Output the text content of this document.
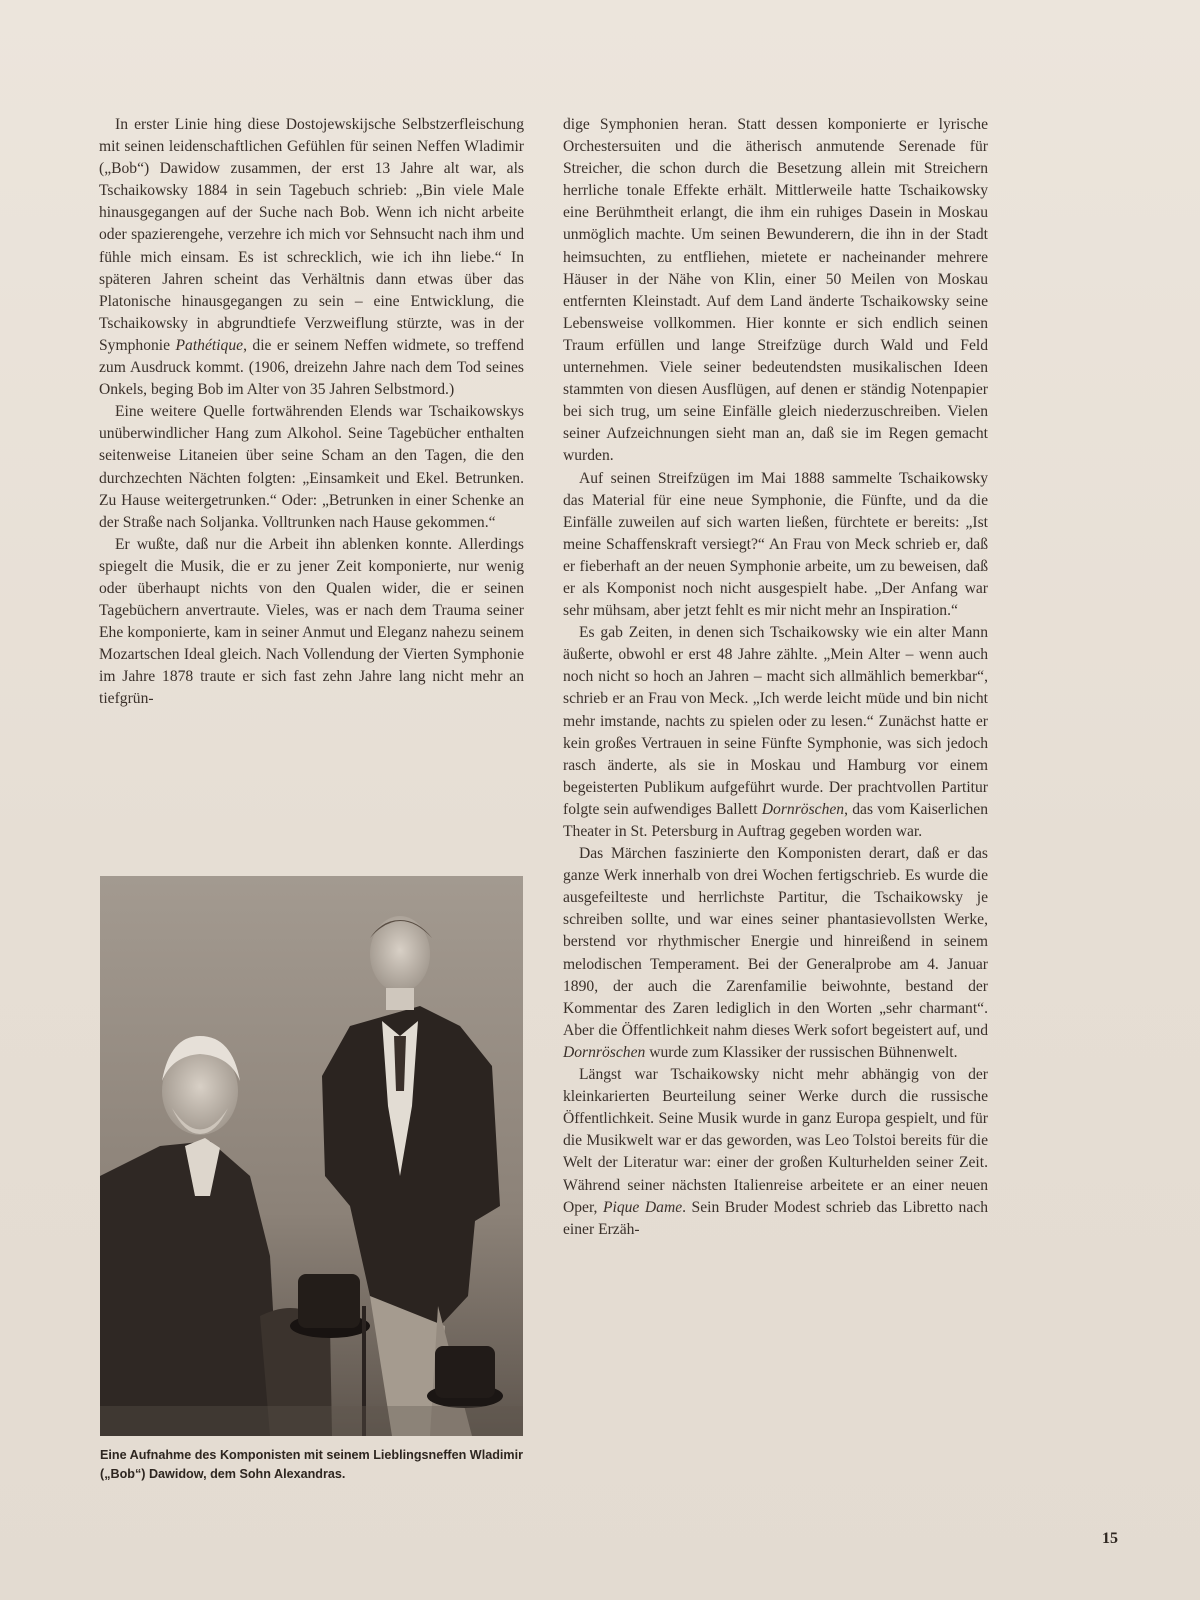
In erster Linie hing diese Dostojewskijsche Selbstzerfleischung mit seinen leidenschaftlichen Gefühlen für seinen Neffen Wladimir („Bob“) Dawidow zusammen, der erst 13 Jahre alt war, als Tschaikowsky 1884 in sein Tagebuch schrieb: „Bin viele Male hinausgegangen auf der Suche nach Bob. Wenn ich nicht arbeite oder spazierengehe, verzehre ich mich vor Sehnsucht nach ihm und fühle mich einsam. Es ist schrecklich, wie ich ihn liebe.“ In späteren Jahren scheint das Verhältnis dann etwas über das Platonische hinausgegangen zu sein – eine Entwicklung, die Tschaikowsky in abgrundtiefe Verzweiflung stürzte, was in der Symphonie Pathétique, die er seinem Neffen widmete, so treffend zum Ausdruck kommt. (1906, dreizehn Jahre nach dem Tod seines Onkels, beging Bob im Alter von 35 Jahren Selbstmord.)

Eine weitere Quelle fortwährenden Elends war Tschaikowskys unüberwindlicher Hang zum Alkohol. Seine Tagebücher enthalten seitenweise Litaneien über seine Scham an den Tagen, die den durchzechten Nächten folgten: „Einsamkeit und Ekel. Betrunken. Zu Hause weitergetrunken.“ Oder: „Betrunken in einer Schenke an der Straße nach Soljanka. Volltrunken nach Hause gekommen.“

Er wußte, daß nur die Arbeit ihn ablenken konnte. Allerdings spiegelt die Musik, die er zu jener Zeit komponierte, nur wenig oder überhaupt nichts von den Qualen wider, die er seinen Tagebüchern anvertraute. Vieles, was er nach dem Trauma seiner Ehe komponierte, kam in seiner Anmut und Eleganz nahezu seinem Mozartschen Ideal gleich. Nach Vollendung der Vierten Symphonie im Jahre 1878 traute er sich fast zehn Jahre lang nicht mehr an tiefgrün-

dige Symphonien heran. Statt dessen komponierte er lyrische Orchestersuiten und die ätherisch anmutende Serenade für Streicher, die schon durch die Besetzung allein mit Streichern herrliche tonale Effekte erhält. Mittlerweile hatte Tschaikowsky eine Berühmtheit erlangt, die ihm ein ruhiges Dasein in Moskau unmöglich machte. Um seinen Bewunderern, die ihn in der Stadt heimsuchten, zu entfliehen, mietete er nacheinander mehrere Häuser in der Nähe von Klin, einer 50 Meilen von Moskau entfernten Kleinstadt. Auf dem Land änderte Tschaikowsky seine Lebensweise vollkommen. Hier konnte er sich endlich seinen Traum erfüllen und lange Streifzüge durch Wald und Feld unternehmen. Viele seiner bedeutendsten musikalischen Ideen stammten von diesen Ausflügen, auf denen er ständig Notenpapier bei sich trug, um seine Einfälle gleich niederzuschreiben. Vielen seiner Aufzeichnungen sieht man an, daß sie im Regen gemacht wurden.

Auf seinen Streifzügen im Mai 1888 sammelte Tschaikowsky das Material für eine neue Symphonie, die Fünfte, und da die Einfälle zuweilen auf sich warten ließen, fürchtete er bereits: „Ist meine Schaffenskraft versiegt?“ An Frau von Meck schrieb er, daß er fieberhaft an der neuen Symphonie arbeite, um zu beweisen, daß er als Komponist noch nicht ausgespielt habe. „Der Anfang war sehr mühsam, aber jetzt fehlt es mir nicht mehr an Inspiration.“

Es gab Zeiten, in denen sich Tschaikowsky wie ein alter Mann äußerte, obwohl er erst 48 Jahre zählte. „Mein Alter – wenn auch noch nicht so hoch an Jahren – macht sich allmählich bemerkbar“, schrieb er an Frau von Meck. „Ich werde leicht müde und bin nicht mehr imstande, nachts zu spielen oder zu lesen.“ Zunächst hatte er kein großes Vertrauen in seine Fünfte Symphonie, was sich jedoch rasch änderte, als sie in Moskau und Hamburg vor einem begeisterten Publikum aufgeführt wurde. Der prachtvollen Partitur folgte sein aufwendiges Ballett Dornröschen, das vom Kaiserlichen Theater in St. Petersburg in Auftrag gegeben worden war.

Das Märchen faszinierte den Komponisten derart, daß er das ganze Werk innerhalb von drei Wochen fertigschrieb. Es wurde die ausgefeilteste und herrlichste Partitur, die Tschaikowsky je schreiben sollte, und war eines seiner phantasievollsten Werke, berstend vor rhythmischer Energie und hinreißend in seinem melodischen Temperament. Bei der Generalprobe am 4. Januar 1890, der auch die Zarenfamilie beiwohnte, bestand der Kommentar des Zaren lediglich in den Worten „sehr charmant“. Aber die Öffentlichkeit nahm dieses Werk sofort begeistert auf, und Dornröschen wurde zum Klassiker der russischen Bühnenwelt.

Längst war Tschaikowsky nicht mehr abhängig von der kleinkarierten Beurteilung seiner Werke durch die russische Öffentlichkeit. Seine Musik wurde in ganz Europa gespielt, und für die Musikwelt war er das geworden, was Leo Tolstoi bereits für die Welt der Literatur war: einer der großen Kulturhelden seiner Zeit. Während seiner nächsten Italienreise arbeitete er an einer neuen Oper, Pique Dame. Sein Bruder Modest schrieb das Libretto nach einer Erzäh-

Eine Aufnahme des Komponisten mit seinem Lieblingsneffen Wladimir („Bob“) Dawidow, dem Sohn Alexandras.
15
